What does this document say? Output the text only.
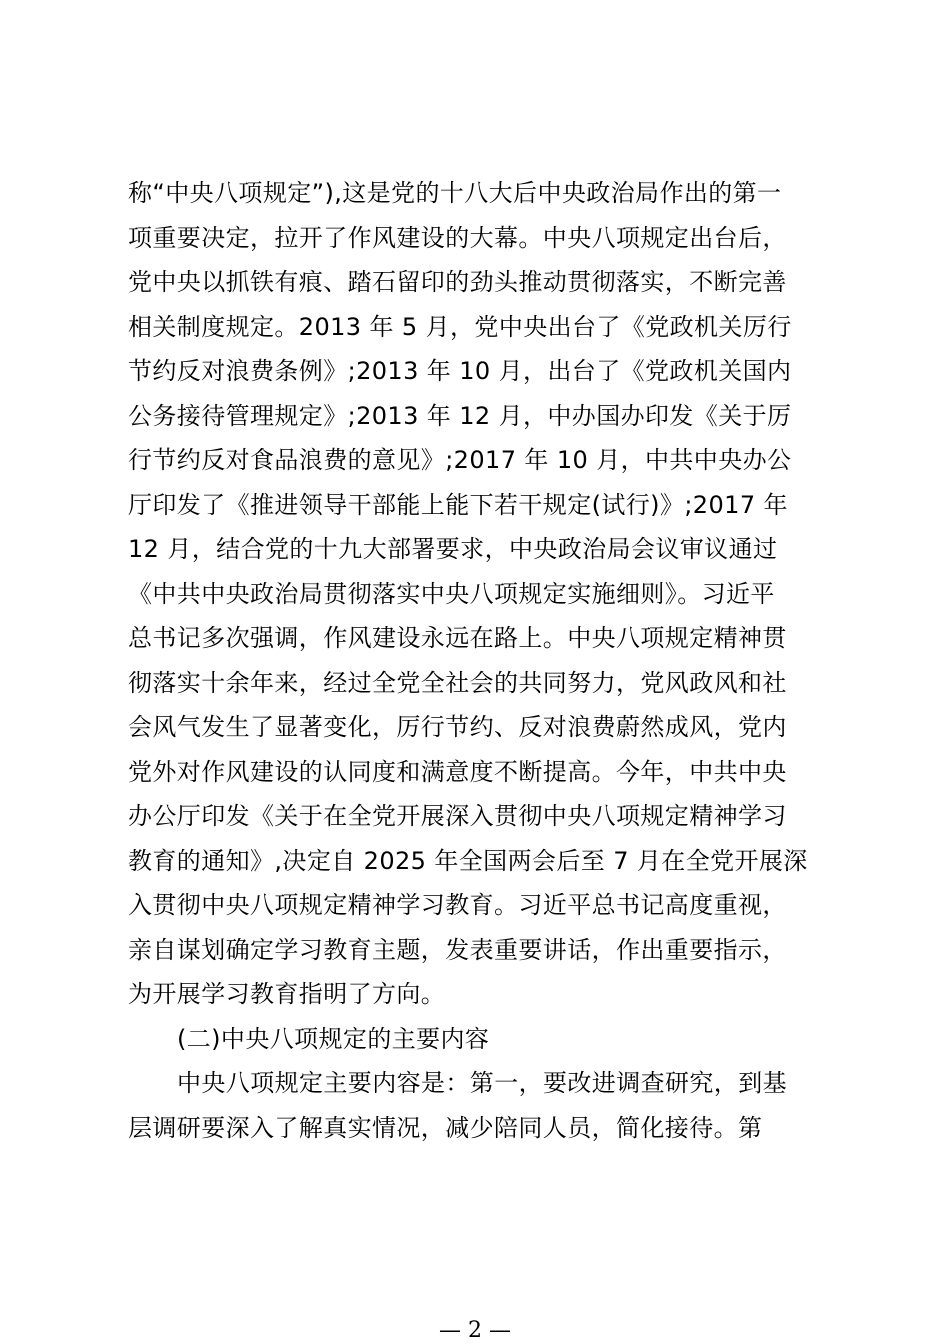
称“中央八项规定”),这是党的十八大后中央政治局作出的第一
项重要决定，拉开了作风建设的大幕。中央八项规定出台后，
党中央以抓铁有痕、踏石留印的劲头推动贯彻落实，不断完善
相关制度规定。2013 年 5 月，党中央出台了《党政机关厉行
节约反对浪费条例》;2013 年 10 月，出台了《党政机关国内
公务接待管理规定》;2013 年 12 月，中办国办印发《关于厉
行节约反对食品浪费的意见》;2017 年 10 月，中共中央办公
厅印发了《推进领导干部能上能下若干规定(试行)》;2017 年
12 月，结合党的十九大部署要求，中央政治局会议审议通过
《中共中央政治局贯彻落实中央八项规定实施细则》。习近平
总书记多次强调，作风建设永远在路上。中央八项规定精神贯
彻落实十余年来，经过全党全社会的共同努力，党风政风和社
会风气发生了显著变化，厉行节约、反对浪费蔚然成风，党内
党外对作风建设的认同度和满意度不断提高。今年，中共中央
办公厅印发《关于在全党开展深入贯彻中央八项规定精神学习
教育的通知》,决定自 2025 年全国两会后至 7 月在全党开展深
入贯彻中央八项规定精神学习教育。习近平总书记高度重视，
亲自谋划确定学习教育主题，发表重要讲话，作出重要指示，
为开展学习教育指明了方向。
(二)中央八项规定的主要内容
中央八项规定主要内容是：第一，要改进调查研究，到基
层调研要深入了解真实情况，减少陪同人员，简化接待。第
— 2 —
